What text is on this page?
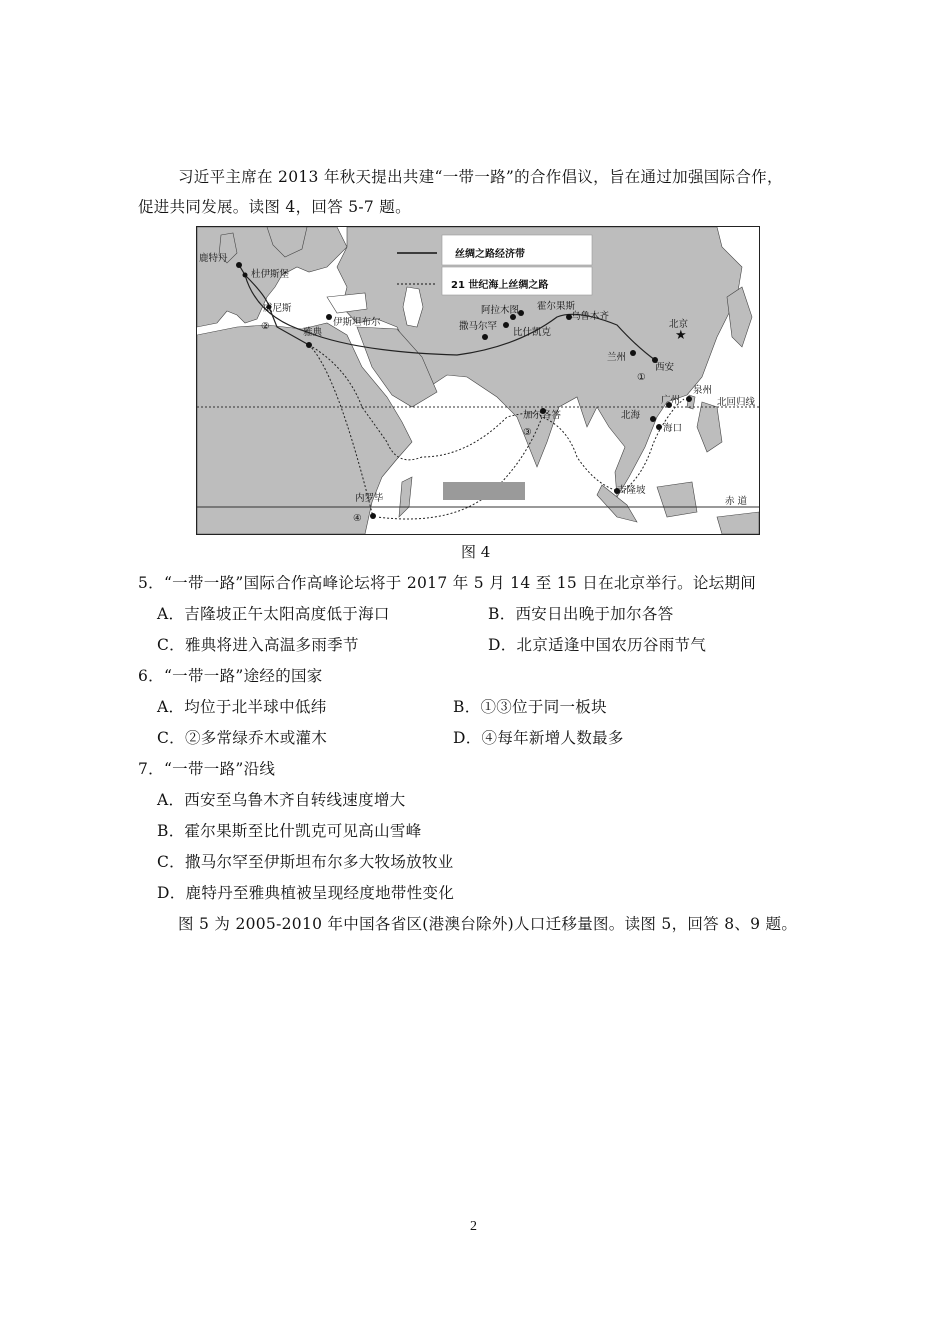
习近平主席在 2013 年秋天提出共建“一带一路”的合作倡议，旨在通过加强国际合作，
促进共同发展。读图 4，回答 5-7 题。
丝绸之路经济带
21 世纪海上丝绸之路
★
鹿特丹
杜伊斯堡
威尼斯
伊斯坦布尔
雅典
阿拉木图 霍尔果斯
撒马尔罕
比什凯克
乌鲁木齐
北京
兰州
西安
广州
泉州
北海
海口
加尔各答
吉隆坡
内罗毕
北回归线
赤 道
①
②
③
④
图 4
5．“一带一路”国际合作高峰论坛将于 2017 年 5 月 14 至 15 日在北京举行。论坛期间
A．吉隆坡正午太阳高度低于海口	B．西安日出晚于加尔各答
C．雅典将进入高温多雨季节	D．北京适逢中国农历谷雨节气
6．“一带一路”途经的国家
A．均位于北半球中低纬	B．①③位于同一板块
C．②多常绿乔木或灌木	D．④每年新增人数最多
7．“一带一路”沿线
A．西安至乌鲁木齐自转线速度增大
B．霍尔果斯至比什凯克可见高山雪峰
C．撒马尔罕至伊斯坦布尔多大牧场放牧业
D．鹿特丹至雅典植被呈现经度地带性变化
图 5 为 2005-2010 年中国各省区(港澳台除外)人口迁移量图。读图 5，回答 8、9 题。
2
